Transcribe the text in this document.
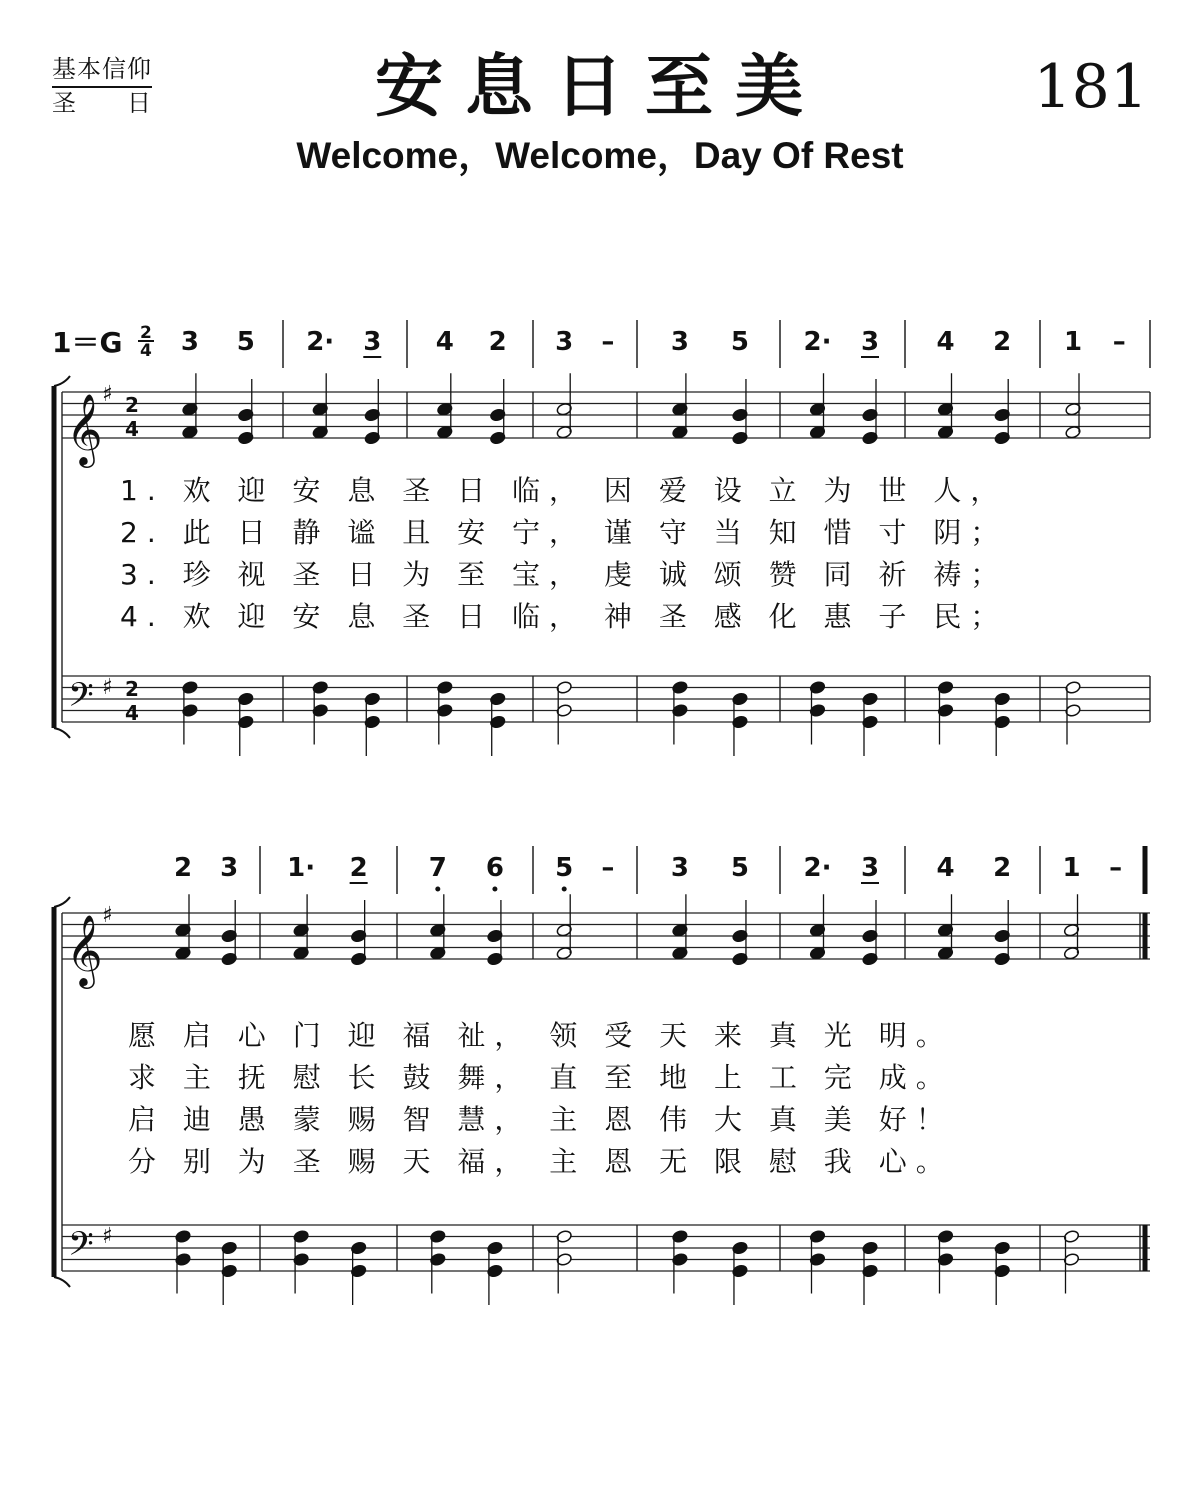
基本信仰
圣　　日	安息日至美	181
Welcome，Welcome，Day Of Rest
1＝G 2
4
𝄞
𝄢
♯
♯
2
4
2
4
3 5 2· 3 4 2 3 – 3 5 2· 3 4 2 1 –
1. 欢 迎 安 息 圣 日 临， 因 爱 设 立 为 世 人，
2. 此 日 静 谧 且 安 宁， 谨 守 当 知 惜 寸 阴；
3. 珍 视 圣 日 为 至 宝， 虔 诚 颂 赞 同 祈 祷；
4. 欢 迎 安 息 圣 日 临， 神 圣 感 化 惠 子 民；
𝄞
𝄢
♯
♯
2 3 1· 2 7 6 5 – 3 5 2· 3 4 2 1 –
愿 启 心 门 迎 福 祉， 领 受 天 来 真 光 明。
求 主 抚 慰 长 鼓 舞， 直 至 地 上 工 完 成。
启 迪 愚 蒙 赐 智 慧， 主 恩 伟 大 真 美 好！
分 别 为 圣 赐 天 福， 主 恩 无 限 慰 我 心。
